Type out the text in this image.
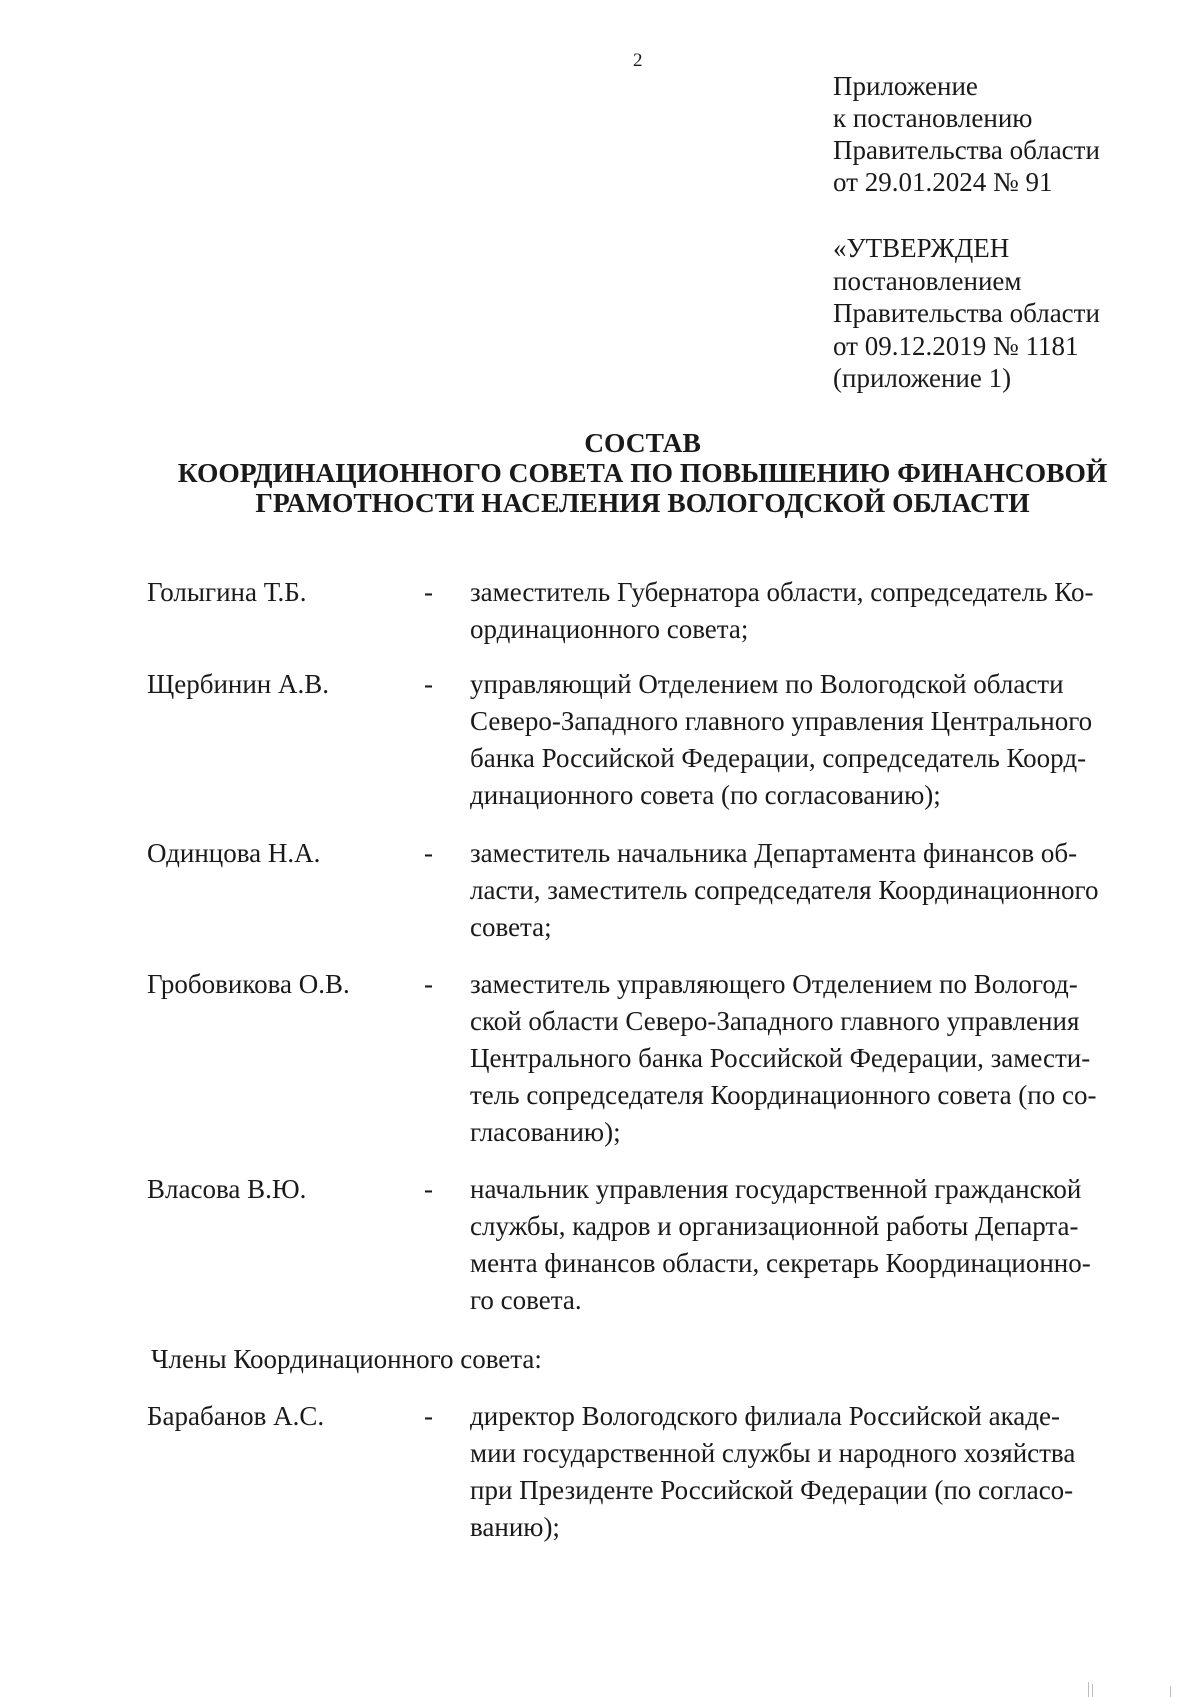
2
Приложение
к постановлению
Правительства области
от 29.01.2024 № 91
«УТВЕРЖДЕН
постановлением
Правительства области
от 09.12.2019 № 1181
(приложение 1)
СОСТАВ
КООРДИНАЦИОННОГО СОВЕТА ПО ПОВЫШЕНИЮ ФИНАНСОВОЙ
ГРАМОТНОСТИ НАСЕЛЕНИЯ ВОЛОГОДСКОЙ ОБЛАСТИ
Голыгина Т.Б.	- заместитель Губернатора области, сопредседатель Ко-
ординационного совета;
Щербинин А.В.	- управляющий Отделением по Вологодской области
Северо-Западного главного управления Центрального
банка Российской Федерации, сопредседатель Коорд-
динационного совета (по согласованию);
Одинцова Н.А.	- заместитель начальника Департамента финансов об-
ласти, заместитель сопредседателя Координационного
совета;
Гробовикова О.В.	- заместитель управляющего Отделением по Вологод-
ской области Северо-Западного главного управления
Центрального банка Российской Федерации, замести-
тель сопредседателя Координационного совета (по со-
гласованию);
Власова В.Ю.	- начальник управления государственной гражданской
службы, кадров и организационной работы Департа-
мента финансов области, секретарь Координационно-
го совета.
Члены Координационного совета:
Барабанов А.С.	- директор Вологодского филиала Российской акаде-
мии государственной службы и народного хозяйства
при Президенте Российской Федерации (по согласо-
ванию);
